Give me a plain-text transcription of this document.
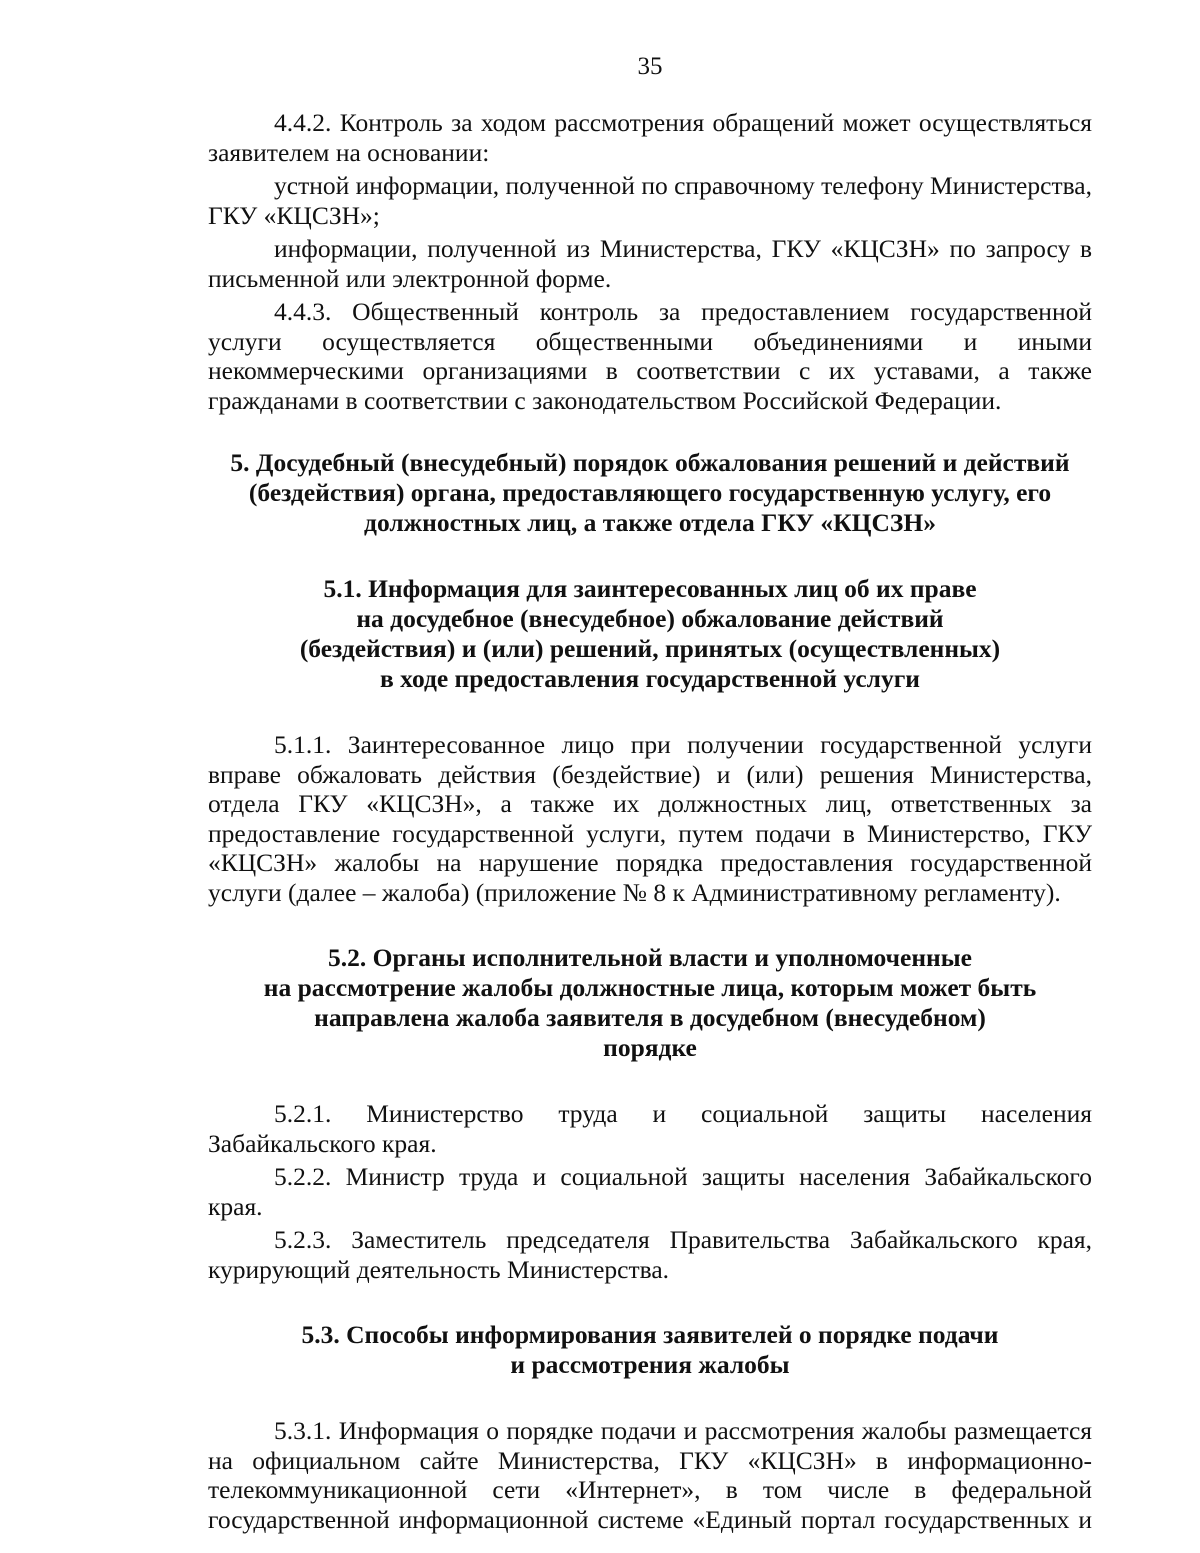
35

4.4.2. Контроль за ходом рассмотрения обращений может осуществляться заявителем на основании:

устной информации, полученной по справочному телефону Министерства, ГКУ «КЦСЗН»;

информации, полученной из Министерства, ГКУ «КЦСЗН» по запросу в письменной или электронной форме.

4.4.3. Общественный контроль за предоставлением государственной услуги осуществляется общественными объединениями и иными некоммерческими организациями в соответствии с их уставами, а также гражданами в соответствии с законодательством Российской Федерации.

5. Досудебный (внесудебный) порядок обжалования решений и действий
(бездействия) органа, предоставляющего государственную услугу, его
должностных лиц, а также отдела ГКУ «КЦСЗН»
5.1. Информация для заинтересованных лиц об их праве
на досудебное (внесудебное) обжалование действий
(бездействия) и (или) решений, принятых (осуществленных)
в ходе предоставления государственной услуги

5.1.1. Заинтересованное лицо при получении государственной услуги вправе обжаловать действия (бездействие) и (или) решения Министерства, отдела ГКУ «КЦСЗН», а также их должностных лиц, ответственных за предоставление государственной услуги, путем подачи в Министерство, ГКУ «КЦСЗН» жалобы на нарушение порядка предоставления государственной услуги (далее – жалоба) (приложение № 8 к Административному регламенту).

5.2. Органы исполнительной власти и уполномоченные
на рассмотрение жалобы должностные лица, которым может быть
направлена жалоба заявителя в досудебном (внесудебном)
порядке

5.2.1. Министерство труда и социальной защиты населения Забайкальского края.

5.2.2. Министр труда и социальной защиты населения Забайкальского края.

5.2.3. Заместитель председателя Правительства Забайкальского края, курирующий деятельность Министерства.

5.3. Способы информирования заявителей о порядке подачи
и рассмотрения жалобы

5.3.1. Информация о порядке подачи и рассмотрения жалобы размещается на официальном сайте Министерства, ГКУ «КЦСЗН» в информационно-телекоммуникационной сети «Интернет», в том числе в федеральной государственной информационной системе «Единый портал государственных и
